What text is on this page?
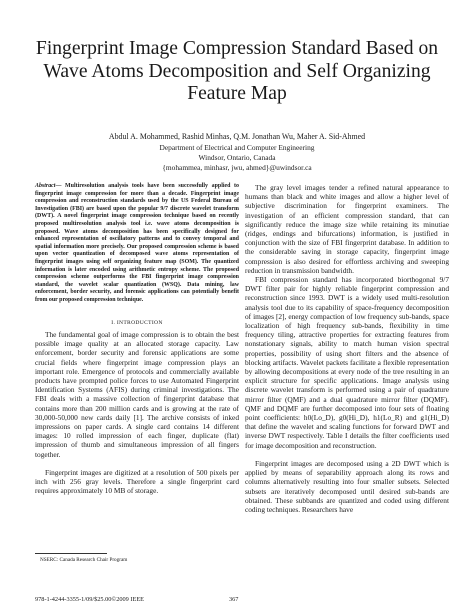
Fingerprint Image Compression Standard Based on
Wave Atoms Decomposition and Self Organizing
Feature Map
Abdul A. Mohammed, Rashid Minhas, Q.M. Jonathan Wu, Maher A. Sid-Ahmed
Department of Electrical and Computer Engineering
Windsor, Ontario, Canada
{mohammea, minhasr, jwu, ahmed}@uwindsor.ca

Abstract— Multiresolution analysis tools have been successfully applied to fingerprint image compression for more than a decade. Fingerprint image compression and reconstruction standards used by the US Federal Bureau of Investigation (FBI) are based upon the popular 9/7 discrete wavelet transform (DWT). A novel fingerprint image compression technique based on recently proposed multiresolution analysis tool i.e. wave atoms decomposition is proposed. Wave atoms decomposition has been specifically designed for enhanced representation of oscillatory patterns and to convey temporal and spatial information more precisely. Our proposed compression scheme is based upon vector quantization of decomposed wave atoms representation of fingerprint images using self organizing feature map (SOM). The quantized information is later encoded using arithmetic entropy scheme. The proposed compression scheme outperforms the FBI fingerprint image compression standard, the wavelet scalar quantization (WSQ). Data mining, law enforcement, border security, and forensic applications can potentially benefit from our proposed compression technique.

I. INTRODUCTION

The fundamental goal of image compression is to obtain the best possible image quality at an allocated storage capacity. Law enforcement, border security and forensic applications are some crucial fields where fingerprint image compression plays an important role. Emergence of protocols and commercially available products have prompted police forces to use Automated Fingerprint Identification Systems (AFIS) during criminal investigations. The FBI deals with a massive collection of fingerprint database that contains more than 200 million cards and is growing at the rate of 30,000-50,000 new cards daily [1]. The archive consists of inked impressions on paper cards. A single card contains 14 different images: 10 rolled impression of each finger, duplicate (flat) impression of thumb and simultaneous impression of all fingers together.

Fingerprint images are digitized at a resolution of 500 pixels per inch with 256 gray levels. Therefore a single fingerprint card requires approximately 10 MB of storage.

The gray level images tender a refined natural appearance to humans than black and white images and allow a higher level of subjective discrimination for fingerprint examiners. The investigation of an efficient compression standard, that can significantly reduce the image size while retaining its minutiae (ridges, endings and bifurcations) information, is justified in conjunction with the size of FBI fingerprint database. In addition to the considerable saving in storage capacity, fingerprint image compression is also desired for effortless archiving and sweeping reduction in transmission bandwidth.

FBI compression standard has incorporated biorthogonal 9/7 DWT filter pair for highly reliable fingerprint compression and reconstruction since 1993. DWT is a widely used multi-resolution analysis tool due to its capability of space-frequency decomposition of images [2], energy compaction of low frequency sub-bands, space localization of high frequency sub-bands, flexibility in time frequency tiling, attractive properties for extracting features from nonstationary signals, ability to match human vision spectral properties, possibility of using short filters and the absence of blocking artifacts. Wavelet packets facilitate a flexible representation by allowing decompositions at every node of the tree resulting in an explicit structure for specific applications. Image analysis using discrete wavelet transform is performed using a pair of quadrature mirror filter (QMF) and a dual quadrature mirror filter (DQMF). QMF and DQMF are further decomposed into four sets of floating point coefficients: h0(Lo_D), g0(Hi_D), h1(Lo_R) and g1(Hi_D) that define the wavelet and scaling functions for forward DWT and inverse DWT respectively. Table I details the filter coefficients used for image decomposition and reconstruction.

Fingerprint images are decomposed using a 2D DWT which is applied by means of separability approach along its rows and columns alternatively resulting into four smaller subsets. Selected subsets are iteratively decomposed until desired sub-bands are obtained. These subbands are quantized and coded using different coding techniques. Researchers have

NSERC: Canada Research Chair Program
978-1-4244-3355-1/09/$25.00©2009 IEEE	367
